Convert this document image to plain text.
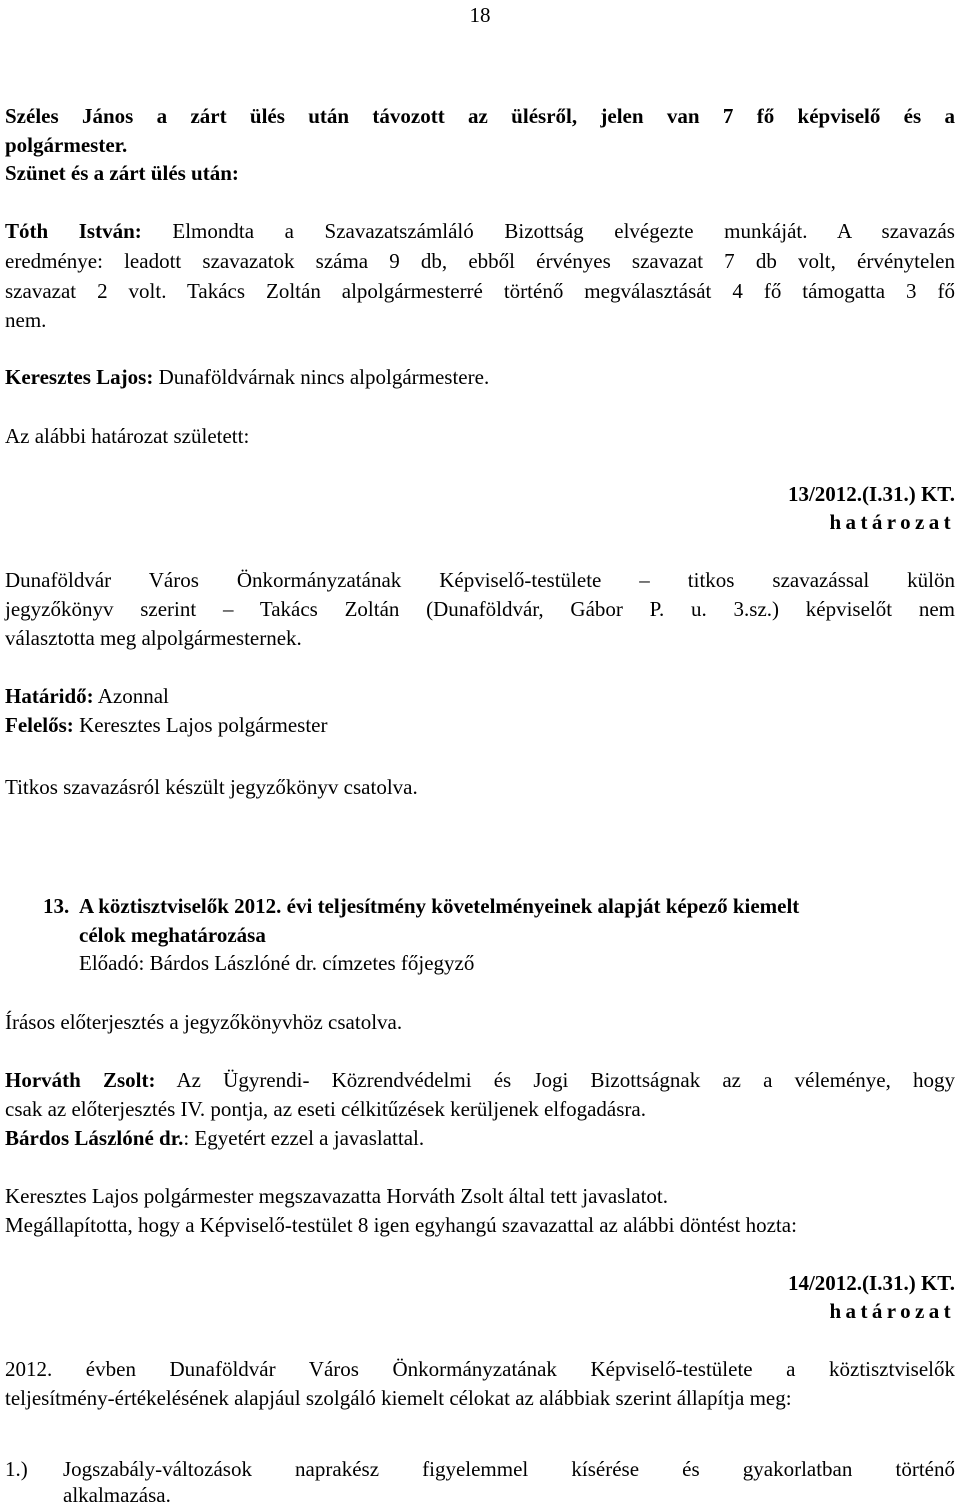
18
Széles János a zárt ülés után távozott az ülésről, jelen van 7 fő képviselő és a
polgármester.
Szünet és a zárt ülés után:
Tóth István: Elmondta a Szavazatszámláló Bizottság elvégezte munkáját. A szavazás
eredménye: leadott szavazatok száma 9 db, ebből érvényes szavazat 7 db volt, érvénytelen
szavazat 2 volt. Takács Zoltán alpolgármesterré történő megválasztását 4 fő támogatta 3 fő
nem.
Keresztes Lajos: Dunaföldvárnak nincs alpolgármestere.
Az alábbi határozat született:
13/2012.(I.31.) KT.
határozat
Dunaföldvár Város Önkormányzatának Képviselő-testülete – titkos szavazással külön
jegyzőkönyv szerint – Takács Zoltán (Dunaföldvár, Gábor P. u. 3.sz.) képviselőt nem
választotta meg alpolgármesternek.
Határidő: Azonnal
Felelős: Keresztes Lajos polgármester
Titkos szavazásról készült jegyzőkönyv csatolva.
13. A köztisztviselők 2012. évi teljesítmény követelményeinek alapját képező kiemelt
célok meghatározása
Előadó: Bárdos Lászlóné dr. címzetes főjegyző
Írásos előterjesztés a jegyzőkönyvhöz csatolva.
Horváth Zsolt: Az Ügyrendi- Közrendvédelmi és Jogi Bizottságnak az a véleménye, hogy
csak az előterjesztés IV. pontja, az eseti célkitűzések kerüljenek elfogadásra.
Bárdos Lászlóné dr.: Egyetért ezzel a javaslattal.
Keresztes Lajos polgármester megszavazatta Horváth Zsolt által tett javaslatot.
Megállapította, hogy a Képviselő-testület 8 igen egyhangú szavazattal az alábbi döntést hozta:
14/2012.(I.31.) KT.
határozat
2012. évben Dunaföldvár Város Önkormányzatának Képviselő-testülete a köztisztviselők
teljesítmény-értékelésének alapjául szolgáló kiemelt célokat az alábbiak szerint állapítja meg:
1.) Jogszabály-változások naprakész figyelemmel kísérése és gyakorlatban történő
alkalmazása.
